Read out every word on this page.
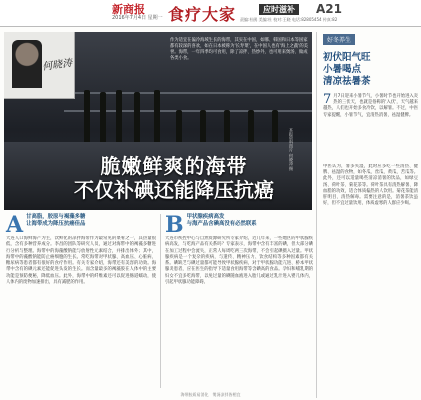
新商报
2016年7月4日 星期一 食疗大家	应时滋补	A21
责编:杜鹃 美编:杜 校对:王晓 电话:82805454 传真:82
何晓涛
作为适宜在偏冷海域生长的海带，其实在中国，如哪、韩国和日本等国家都有较深的喜欢，如在日本被称为'长寿菜'，在中国人也有'海上之蔬'的美誉。海带，一年四季均可食用，除了凉拌、热炒外，也可用来煲汤、做成各类小食。
本报资料图片 何晓涛 摄
脆嫩鲜爽的海带
不仅补碘还能降压抗癌
A 甘高脂，胶原与褐藻多糖
让海带成为降压抗癌佳品

大连人口海鲜海产为主，饮鲜化的凉拌海带作为最常见的菜肴之一，其热量很低，含有多种营养成分。李昌的团队等研究人员，通过对海带中的褐藻多糖进行分析与整理。海带中的海藻酸钠能与放射性元素结合，并排出体外；其中，海带中的藻酸钠能防止癌细胞的生长。常吃海带对甲状腺、高血压、心脏病、糖尿病等患者都有很好的食疗作用。有关专家介绍，海带还有美容的功效。海带中含有的碘元素还能促进头发的生长。而含量最多的褐藻胶在人体中的主要功能是预防便秘，降低血压。此外，海带中的纤维素还可以促进肠道蠕动，使人体内的废物加速排出，具有减肥的作用。

B 甲状腺疾病高发
与海产品含碘高没有必然联系

大连市疾控中心与自然资源研究所专家介绍，近几年来，一些地区的甲状腺疾病高发，与吃海产品有关系吗？专家表示，海带中含有丰富的碘，但大部分碘在加工过程中会流失，正常人每周吃两三次海带，不会引起碘摄入过量。甲状腺疾病是一个复杂的疾病，与遗传、精神压力、饮食结构等多种因素都有关系。碘缺乏与碘过量都可能导致甲状腺疾病，对于甲状腺功能亢进、桥本甲状腺炎患者，应在医生的指导下适量食用海带等含碘高的食品。孕妇和哺乳期的妇女不宜多吃海带，以免过量的碘随血液进入胎儿或通过乳汁进入婴儿体内，引起甲状腺功能障碍。

好冬养生
初伏阳气旺
小暑喝点
清凉祛暑茶
7 月7日迎来小暑节气，小暑时节也开始进入炎热的三伏天，也就是俗称的'入伏'，天气越来越热，人们也开始多食冷饮，以解暑。不过，中医专家提醒，小暑节气，宜清热消暑，祛湿健脾。
中医认为，暑多夹湿，此时应多吃一些清热、健脾、祛湿的食物，如冬瓜、丝瓜、黄瓜、苦瓜等。此外，还可以适量喝些清凉消暑的饮品，如绿豆汤、荷叶茶、菊花茶等。荷叶茶具有清热解暑、降血脂的功效，适合体质偏热的人饮用。菊花茶能清肝明目、清热解毒。需要注意的是，消暑茶饮虽好，但不宜过量饮用，体质虚寒的人群应少喝。
海带胶质易消化　煲汤凉拌皆相宜
